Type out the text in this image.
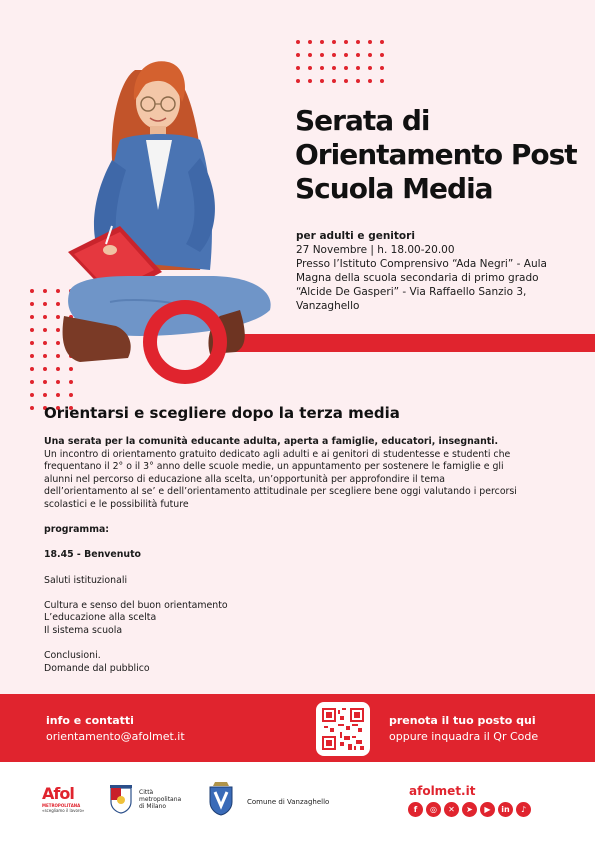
Serata di
Orientamento Post
Scuola Media
per adulti e genitori
27 Novembre | h. 18.00-20.00
Presso l’Istituto Comprensivo “Ada Negri” - Aula
Magna della scuola secondaria di primo grado
“Alcide De Gasperi” - Via Raffaello Sanzio 3,
Vanzaghello
Orientarsi e scegliere dopo la terza media

Una serata per la comunità educante adulta, aperta a famiglie, educatori, insegnanti.

Un incontro di orientamento gratuito dedicato agli adulti e ai genitori di studentesse e studenti che

frequentano il 2° o il 3° anno delle scuole medie, un appuntamento per sostenere le famiglie e gli

alunni nel percorso di educazione alla scelta, un’opportunità per approfondire il tema

dell’orientamento al se’ e dell’orientamento attitudinale per scegliere bene oggi valutando i percorsi

scolastici e le possibilità future

programma:

18.45 - Benvenuto

Saluti istituzionali

Cultura e senso del buon orientamento

L’educazione alla scelta

Il sistema scuola

Conclusioni.

Domande dal pubblico

info e contatti
orientamento@afolmet.it
prenota il tuo posto qui
oppure inquadra il Qr Code
Afol
METROPOLITANA
«scegliamo il lavoro»
Città
metropolitana
di Milano
Comune di Vanzaghello
afolmet.it
f	◎	✕	➤	▶	in	♪
